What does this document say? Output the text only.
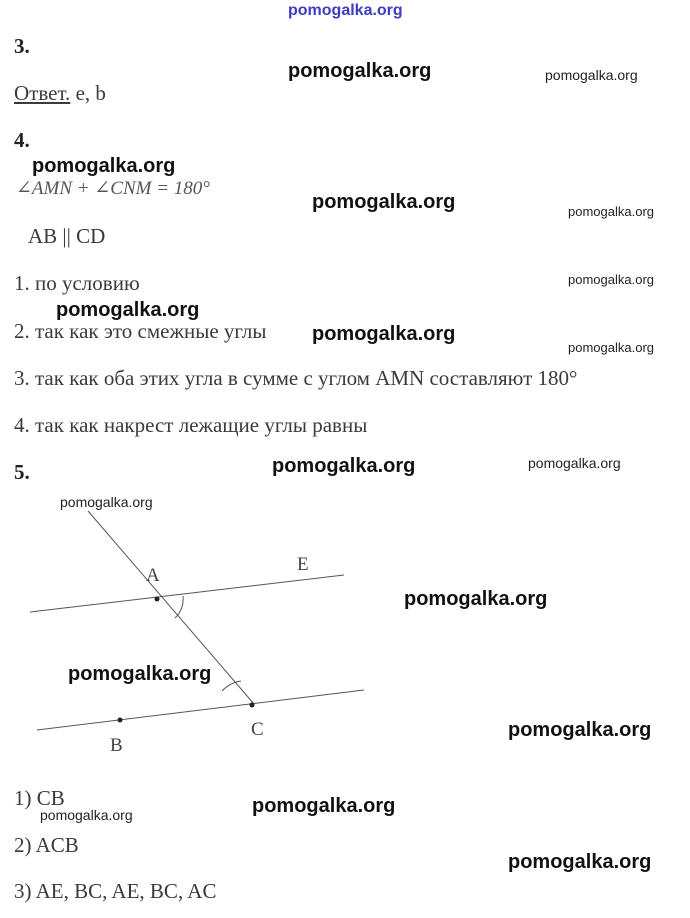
pomogalka.org
3.
pomogalka.org	pomogalka.org
Ответ. e, b
4.
pomogalka.org
∠AMN + ∠CNM = 180°
pomogalka.org	pomogalka.org
AB || CD
1. по условию	pomogalka.org
pomogalka.org
2. так как это смежные углы pomogalka.org
pomogalka.org
3. так как оба этих угла в сумме с углом AMN составляют 180°
4. так как накрест лежащие углы равны
5.	pomogalka.org	pomogalka.org
pomogalka.org
A
E
B
C
pomogalka.org
pomogalka.org
pomogalka.org
1) CB	pomogalka.org
pomogalka.org
2) ACB
pomogalka.org
3) AE, BC, AE, BC, AC
